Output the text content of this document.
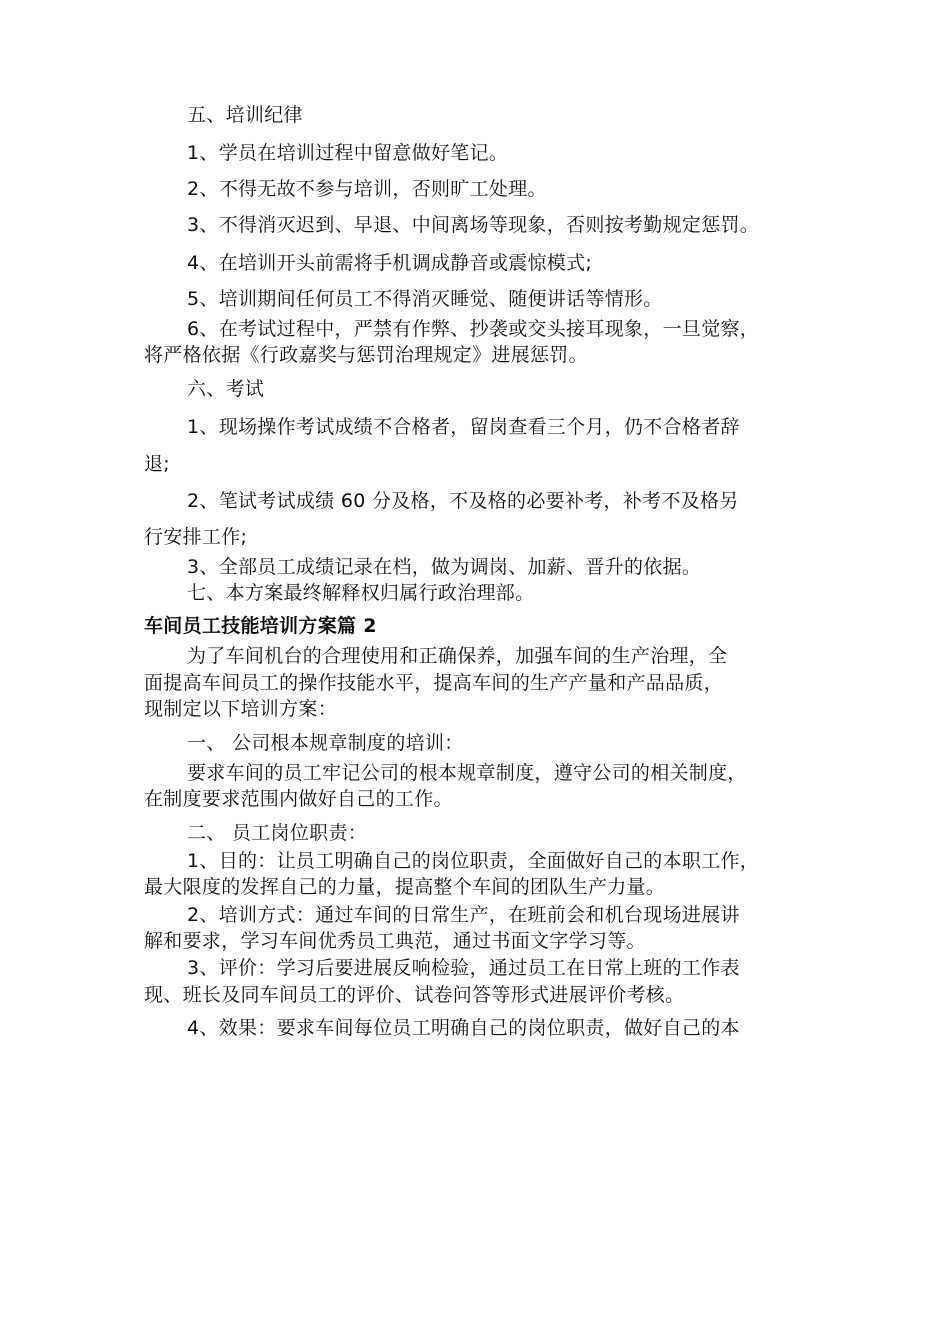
五、培训纪律
1、学员在培训过程中留意做好笔记。
2、不得无故不参与培训，否则旷工处理。
3、不得消灭迟到、早退、中间离场等现象，否则按考勤规定惩罚。
4、在培训开头前需将手机调成静音或震惊模式;
5、培训期间任何员工不得消灭睡觉、随便讲话等情形。
6、在考试过程中，严禁有作弊、抄袭或交头接耳现象，一旦觉察，
将严格依据《行政嘉奖与惩罚治理规定》进展惩罚。
六、考试
1、现场操作考试成绩不合格者，留岗查看三个月，仍不合格者辞
退;
2、笔试考试成绩 60 分及格，不及格的必要补考，补考不及格另
行安排工作;
3、全部员工成绩记录在档，做为调岗、加薪、晋升的依据。
七、本方案最终解释权归属行政治理部。
车间员工技能培训方案篇 2
为了车间机台的合理使用和正确保养，加强车间的生产治理，全
面提高车间员工的操作技能水平，提高车间的生产产量和产品品质，
现制定以下培训方案：
一、 公司根本规章制度的培训：
要求车间的员工牢记公司的根本规章制度，遵守公司的相关制度，
在制度要求范围内做好自己的工作。
二、 员工岗位职责：
1、目的：让员工明确自己的岗位职责，全面做好自己的本职工作，
最大限度的发挥自己的力量，提高整个车间的团队生产力量。
2、培训方式：通过车间的日常生产，在班前会和机台现场进展讲
解和要求，学习车间优秀员工典范，通过书面文字学习等。
3、评价：学习后要进展反响检验，通过员工在日常上班的工作表
现、班长及同车间员工的评价、试卷问答等形式进展评价考核。
4、效果：要求车间每位员工明确自己的岗位职责，做好自己的本
